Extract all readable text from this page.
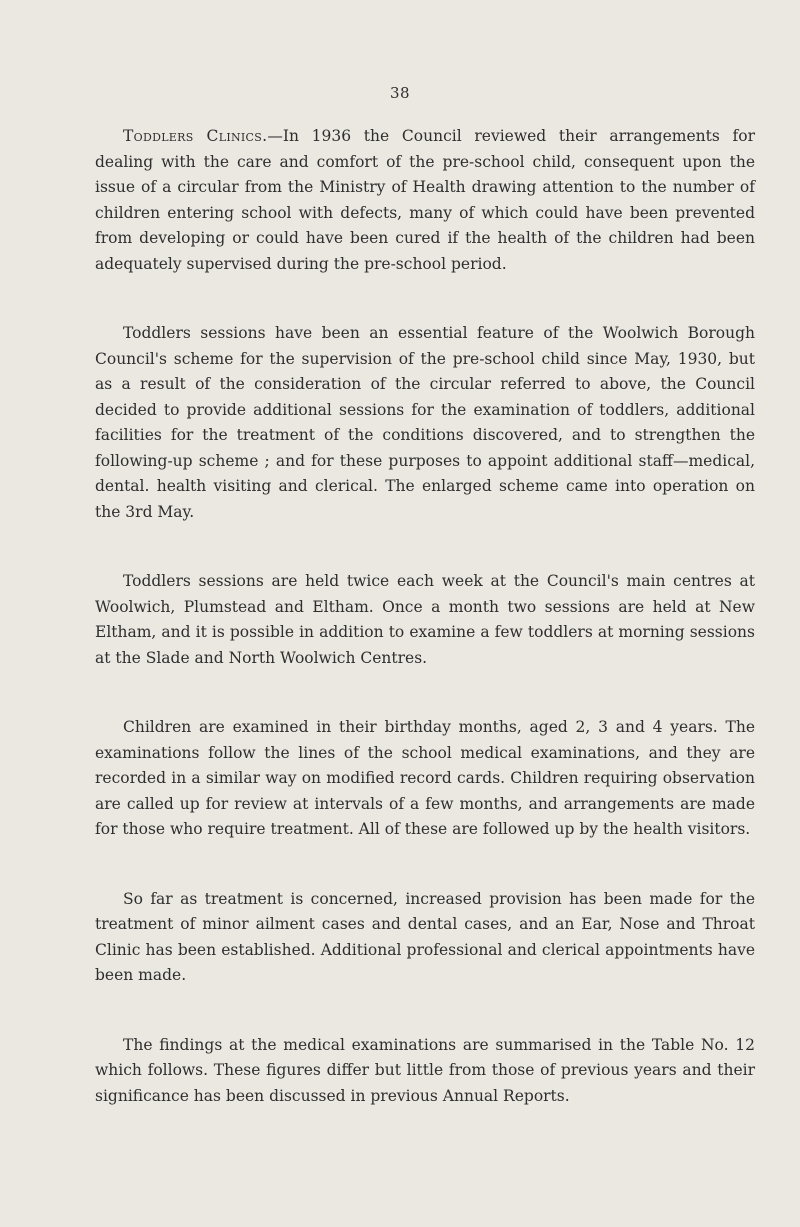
38

Toddlers Clinics.—In 1936 the Council reviewed their arrangements for dealing with the care and comfort of the pre-school child, consequent upon the issue of a circular from the Ministry of Health drawing attention to the number of children entering school with defects, many of which could have been prevented from developing or could have been cured if the health of the children had been adequately supervised during the pre-school period.

Toddlers sessions have been an essential feature of the Woolwich Borough Council's scheme for the supervision of the pre-school child since May, 1930, but as a result of the consideration of the circular referred to above, the Council decided to provide additional sessions for the examination of toddlers, additional facilities for the treatment of the conditions discovered, and to strengthen the following-up scheme ; and for these purposes to appoint additional staff—medical, dental. health visiting and clerical. The enlarged scheme came into operation on the 3rd May.

Toddlers sessions are held twice each week at the Council's main centres at Woolwich, Plumstead and Eltham. Once a month two sessions are held at New Eltham, and it is possible in addition to examine a few toddlers at morning sessions at the Slade and North Woolwich Centres.

Children are examined in their birthday months, aged 2, 3 and 4 years. The examinations follow the lines of the school medical examinations, and they are recorded in a similar way on modified record cards. Children requiring observation are called up for review at intervals of a few months, and arrangements are made for those who require treatment. All of these are followed up by the health visitors.

So far as treatment is concerned, increased provision has been made for the treatment of minor ailment cases and dental cases, and an Ear, Nose and Throat Clinic has been established. Additional professional and clerical appointments have been made.

The findings at the medical examinations are summarised in the Table No. 12 which follows. These figures differ but little from those of previous years and their significance has been discussed in previous Annual Reports.
